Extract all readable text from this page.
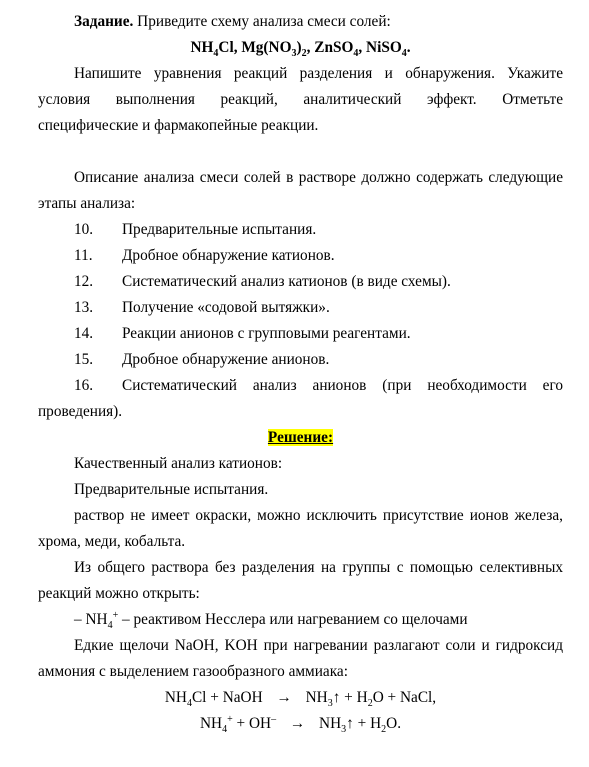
Задание. Приведите схему анализа смеси солей:

$NH_4Cl$, $Mg(NO_3)_2$, ZnSO$_4$, NiSO$_4$.

Напишите уравнения реакций разделения и обнаружения. Укажите условия выполнения реакций, аналитический эффект. Отметьте

специфические и фармакопейные реакции.

Описание анализа смеси солей в растворе должно содержать следующие этапы анализа:

10.	Предварительные испытания.
11.	Дробное обнаружение катионов.
12.	Систематический анализ катионов (в виде схемы).
13.	Получение «содовой вытяжки».
14.	Реакции анионов с групповыми реагентами.
15.	Дробное обнаружение анионов.
16.	Систематический анализ анионов (при необходимости его

проведения).

Решение:

Качественный анализ катионов:

Предварительные испытания.

раствор не имеет окраски, можно исключить присутствие ионов железа,

хрома, меди, кобальта.

Из общего раствора без разделения на группы с помощью селективных

реакций можно открыть:

– $NH_4^+$ – реактивом Несслера или нагреванием со щелочами

Едкие щелочи NaOH, KOH при нагревании разлагают соли и гидроксид

аммония с выделением газообразного аммиака:

$NH_4Cl$ + NaOH → $NH_3↑ + H_2O$ + NaCl,

$NH_4^+ + OH^-$ → $NH_3↑ + H_2O$.
